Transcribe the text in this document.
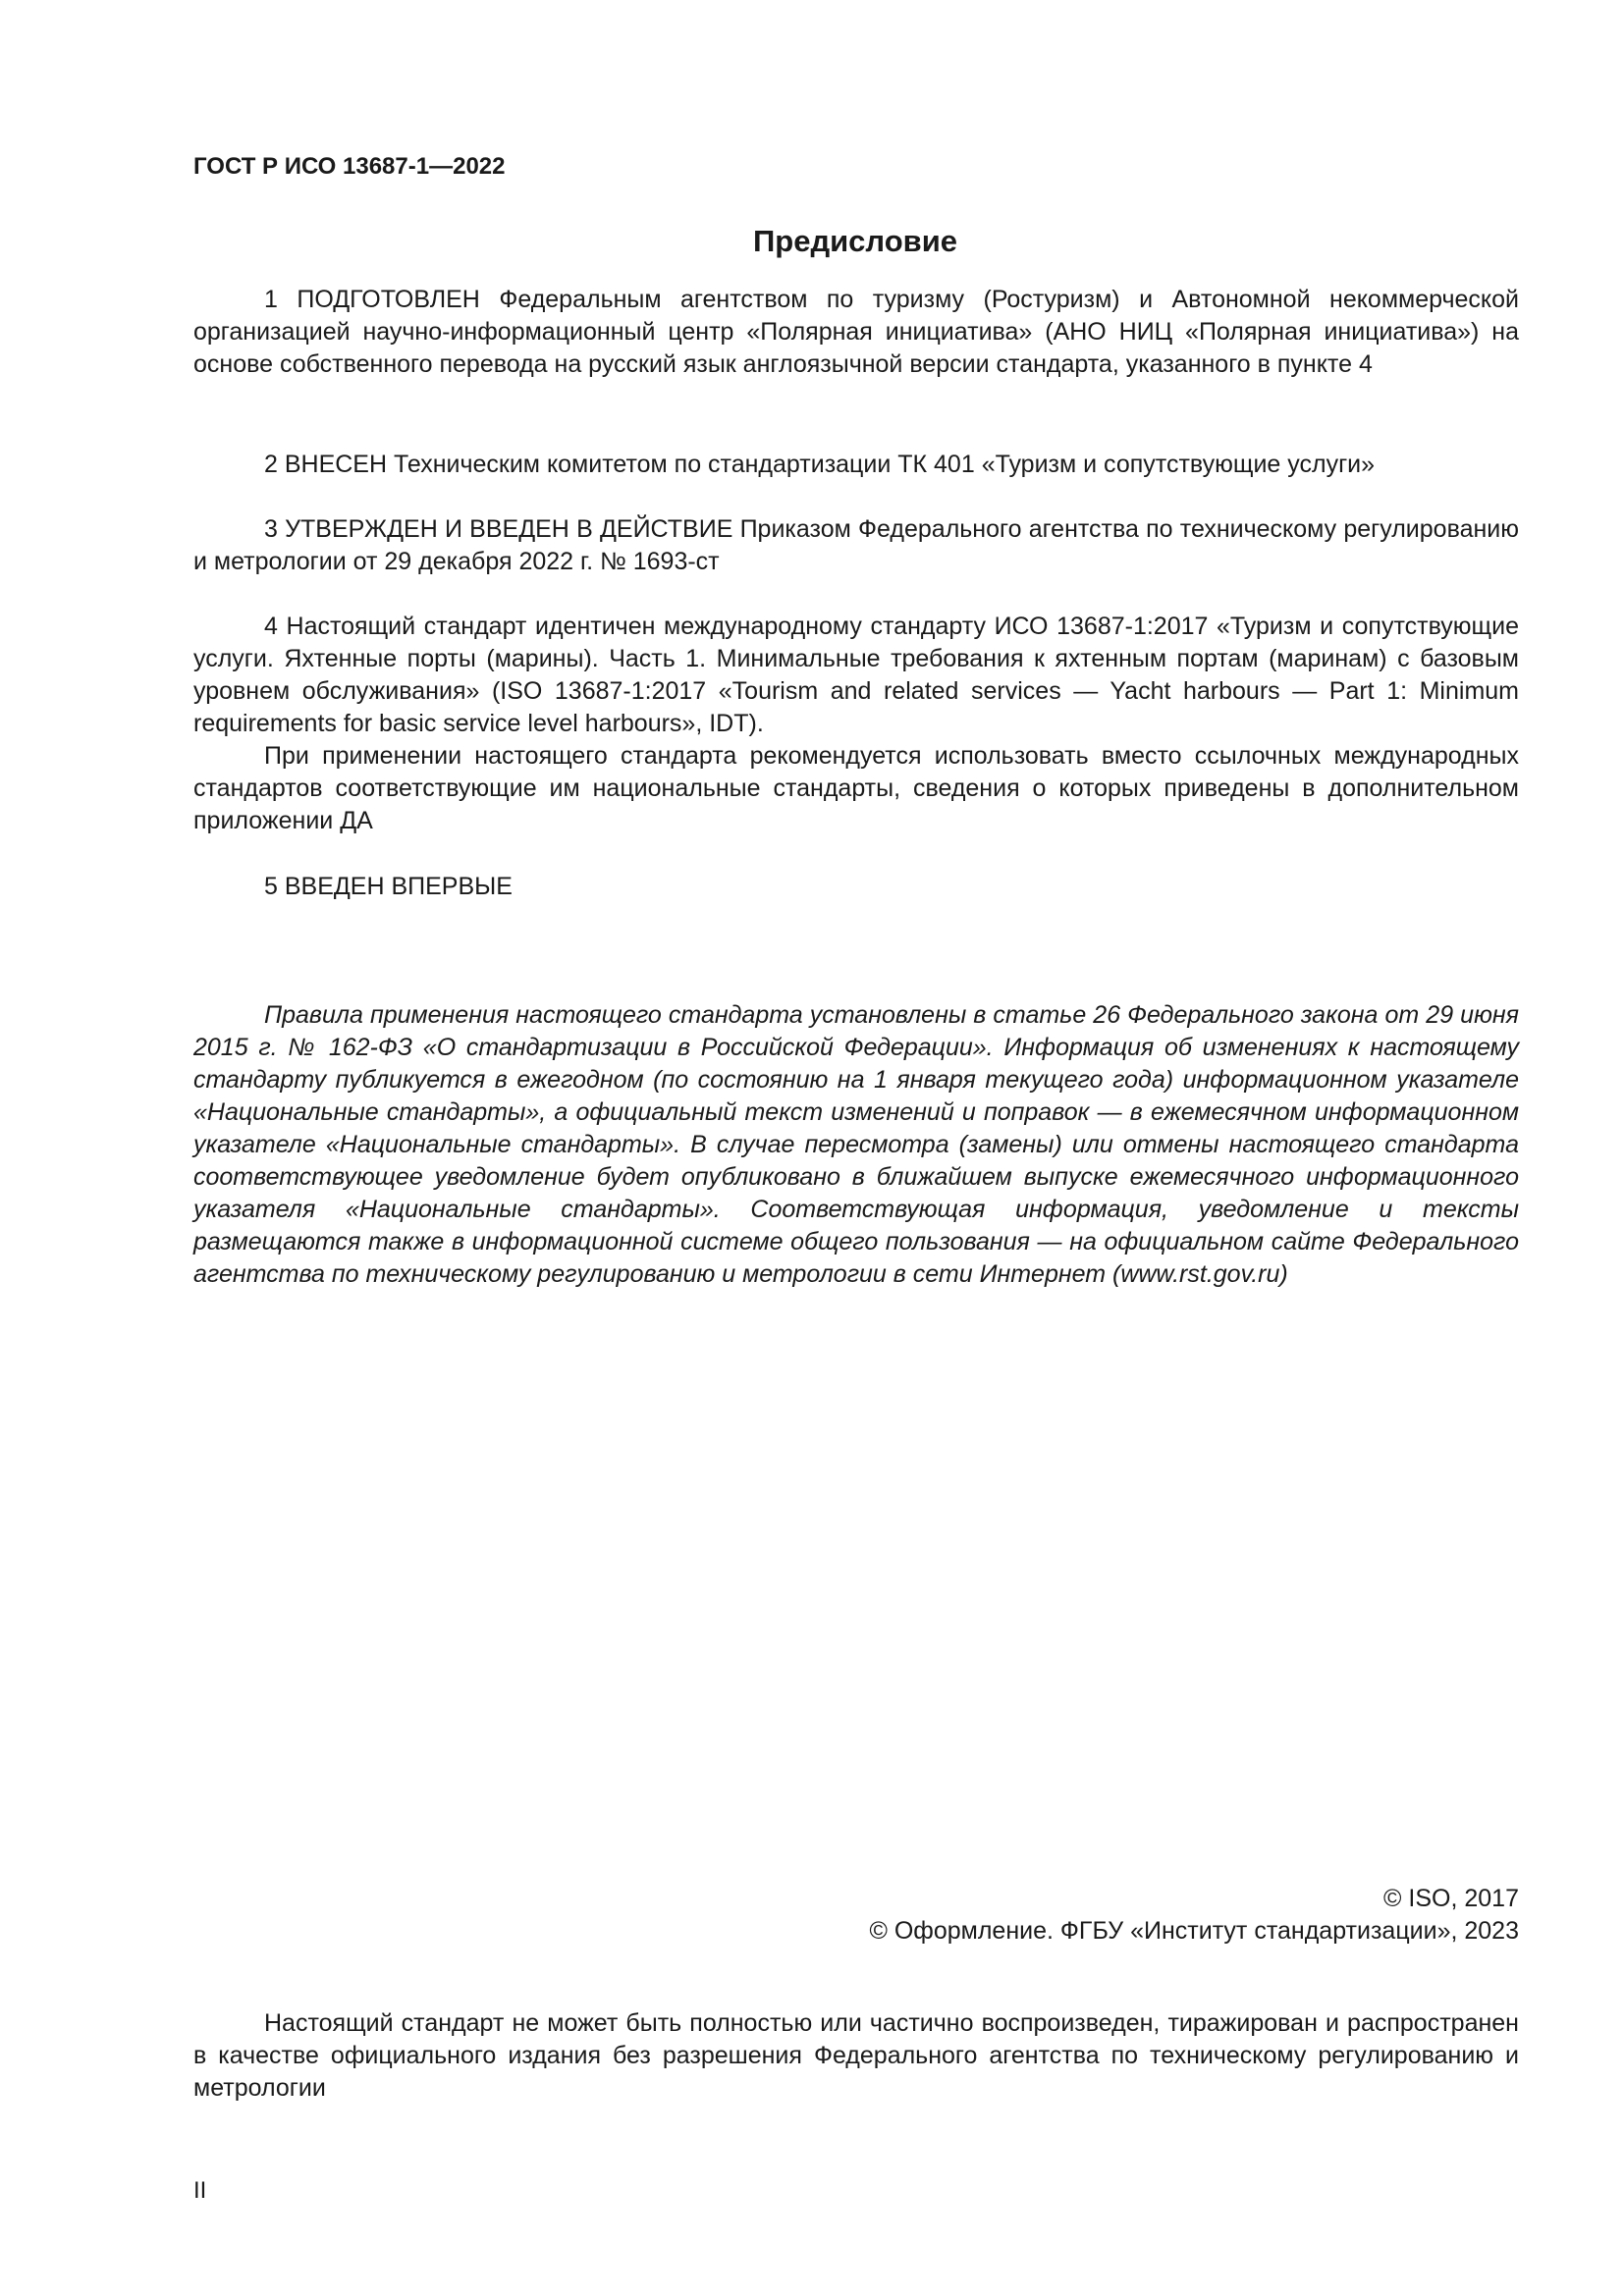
ГОСТ Р ИСО 13687-1—2022

Предисловие

1 ПОДГОТОВЛЕН Федеральным агентством по туризму (Ростуризм) и Автономной некоммерческой организацией научно-информационный центр «Полярная инициатива» (АНО НИЦ «Полярная инициатива») на основе собственного перевода на русский язык англоязычной версии стандарта, указанного в пункте 4

2 ВНЕСЕН Техническим комитетом по стандартизации ТК 401 «Туризм и сопутствующие услуги»

3 УТВЕРЖДЕН И ВВЕДЕН В ДЕЙСТВИЕ Приказом Федерального агентства по техническому регулированию и метрологии от 29 декабря 2022 г. № 1693-ст

4 Настоящий стандарт идентичен международному стандарту ИСО 13687-1:2017 «Туризм и сопутствующие услуги. Яхтенные порты (марины). Часть 1. Минимальные требования к яхтенным портам (маринам) с базовым уровнем обслуживания» (ISO 13687-1:2017 «Tourism and related services — Yacht harbours — Part 1: Minimum requirements for basic service level harbours», IDT).

При применении настоящего стандарта рекомендуется использовать вместо ссылочных международных стандартов соответствующие им национальные стандарты, сведения о которых приведены в дополнительном приложении ДА

5 ВВЕДЕН ВПЕРВЫЕ

Правила применения настоящего стандарта установлены в статье 26 Федерального закона от 29 июня 2015 г. № 162-ФЗ «О стандартизации в Российской Федерации». Информация об изменениях к настоящему стандарту публикуется в ежегодном (по состоянию на 1 января текущего года) информационном указателе «Национальные стандарты», а официальный текст изменений и поправок — в ежемесячном информационном указателе «Национальные стандарты». В случае пересмотра (замены) или отмены настоящего стандарта соответствующее уведомление будет опубликовано в ближайшем выпуске ежемесячного информационного указателя «Национальные стандарты». Соответствующая информация, уведомление и тексты размещаются также в информационной системе общего пользования — на официальном сайте Федерального агентства по техническому регулированию и метрологии в сети Интернет (www.rst.gov.ru)

© ISO, 2017

© Оформление. ФГБУ «Институт стандартизации», 2023

Настоящий стандарт не может быть полностью или частично воспроизведен, тиражирован и распространен в качестве официального издания без разрешения Федерального агентства по техническому регулированию и метрологии

II
